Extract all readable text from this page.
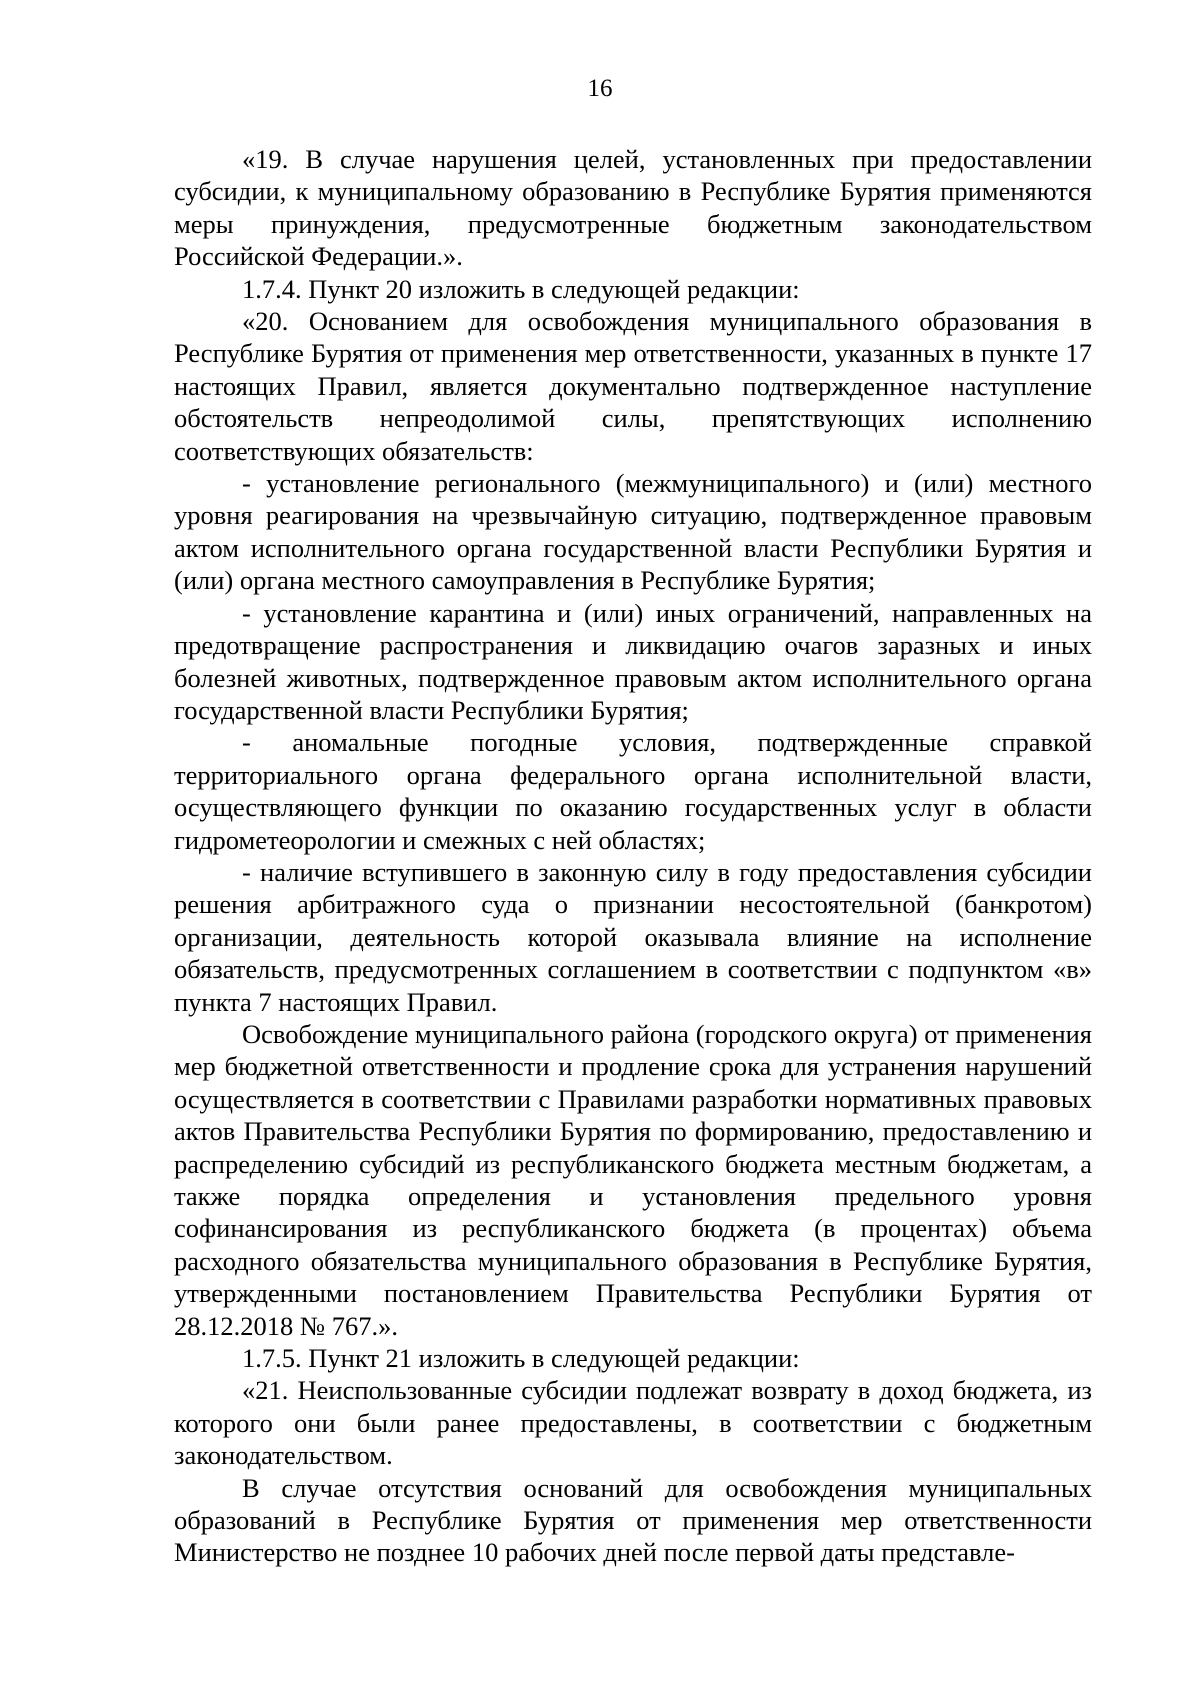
16

«19. В случае нарушения целей, установленных при предоставлении субсидии, к муниципальному образованию в Республике Бурятия применяются меры принуждения, предусмотренные бюджетным законодательством Российской Федерации.».

1.7.4. Пункт 20 изложить в следующей редакции:

«20. Основанием для освобождения муниципального образования в Республике Бурятия от применения мер ответственности, указанных в пункте 17 настоящих Правил, является документально подтвержденное наступление обстоятельств непреодолимой силы, препятствующих исполнению соответствующих обязательств:

- установление регионального (межмуниципального) и (или) местного уровня реагирования на чрезвычайную ситуацию, подтвержденное правовым актом исполнительного органа государственной власти Республики Бурятия и (или) органа местного самоуправления в Республике Бурятия;

- установление карантина и (или) иных ограничений, направленных на предотвращение распространения и ликвидацию очагов заразных и иных болезней животных, подтвержденное правовым актом исполнительного органа государственной власти Республики Бурятия;

- аномальные погодные условия, подтвержденные справкой территориального органа федерального органа исполнительной власти, осуществляющего функции по оказанию государственных услуг в области гидрометеорологии и смежных с ней областях;

- наличие вступившего в законную силу в году предоставления субсидии решения арбитражного суда о признании несостоятельной (банкротом) организации, деятельность которой оказывала влияние на исполнение обязательств, предусмотренных соглашением в соответствии с подпунктом «в» пункта 7 настоящих Правил.

Освобождение муниципального района (городского округа) от применения мер бюджетной ответственности и продление срока для устранения нарушений осуществляется в соответствии с Правилами разработки нормативных правовых актов Правительства Республики Бурятия по формированию, предоставлению и распределению субсидий из республиканского бюджета местным бюджетам, а также порядка определения и установления предельного уровня софинансирования из республиканского бюджета (в процентах) объема расходного обязательства муниципального образования в Республике Бурятия, утвержденными постановлением Правительства Республики Бурятия от 28.12.2018 № 767.».

1.7.5. Пункт 21 изложить в следующей редакции:

«21. Неиспользованные субсидии подлежат возврату в доход бюджета, из которого они были ранее предоставлены, в соответствии с бюджетным законодательством.

В случае отсутствия оснований для освобождения муниципальных образований в Республике Бурятия от применения мер ответственности Министерство не позднее 10 рабочих дней после первой даты представле-
